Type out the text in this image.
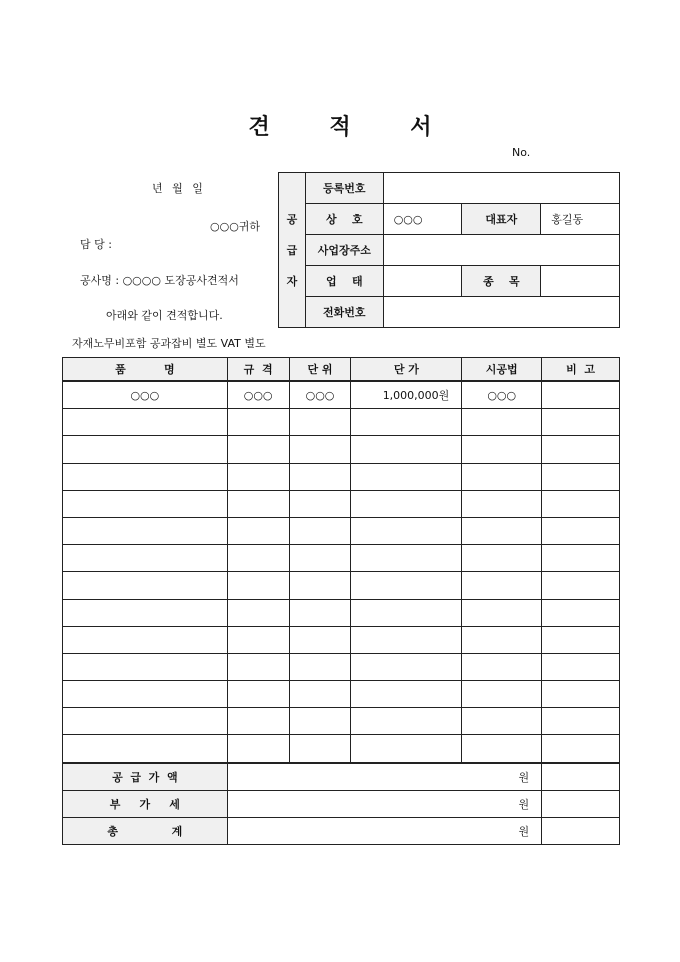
견 적 서
No.
년 월 일
○○○귀하
담 당 :
공사명 : ○○○○ 도장공사견적서
아래와 같이 견적합니다.
공
급
자	등록번호			
	상    호	○○○	대표자	홍길동
	사업장주소			
	업    태		종    목	
	전화번호			
자재노무비포함 공과잡비 별도 VAT 별도
품          명	규  격	단 위	단 가	시공법	비  고
○○○	○○○	○○○	1,000,000원	○○○	

공  급  가  액	원				
부     가     세	원				
총              계	원				
